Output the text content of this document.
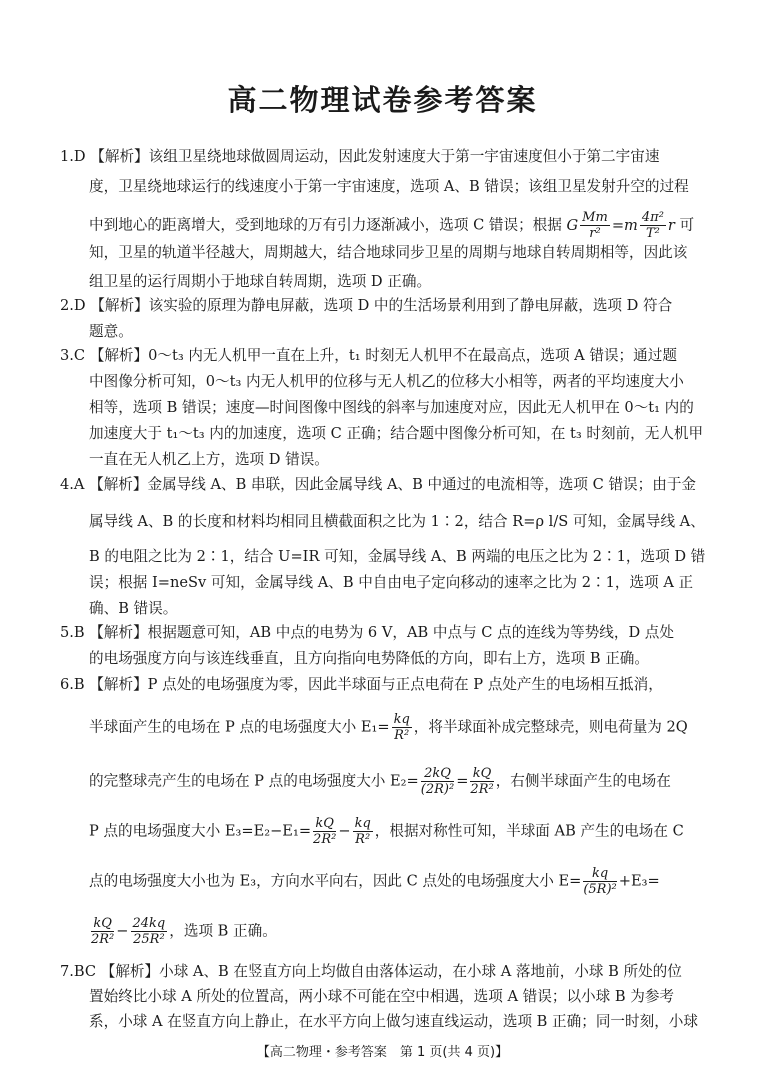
高二物理试卷参考答案
1.D 【解析】该组卫星绕地球做圆周运动，因此发射速度大于第一宇宙速度但小于第二宇宙速
度，卫星绕地球运行的线速度小于第一宇宙速度，选项 A、B 错误；该组卫星发射升空的过程
中到地心的距离增大，受到地球的万有引力逐渐减小，选项 C 错误；根据 G $\frac{Mm}{\text{r²}} =m \frac{\text{4π²}}{\text{T²}}$ r 可
知，卫星的轨道半径越大，周期越大，结合地球同步卫星的周期与地球自转周期相等，因此该
组卫星的运行周期小于地球自转周期，选项 D 正确。
2.D 【解析】该实验的原理为静电屏蔽，选项 D 中的生活场景利用到了静电屏蔽，选项 D 符合
题意。
3.C 【解析】0～t₃ 内无人机甲一直在上升，t₁ 时刻无人机甲不在最高点，选项 A 错误；通过题
中图像分析可知，0～t₃ 内无人机甲的位移与无人机乙的位移大小相等，两者的平均速度大小
相等，选项 B 错误；速度—时间图像中图线的斜率与加速度对应，因此无人机甲在 0～t₁ 内的
加速度大于 t₁～t₃ 内的加速度，选项 C 正确；结合题中图像分析可知，在 t₃ 时刻前，无人机甲
一直在无人机乙上方，选项 D 错误。
4.A 【解析】金属导线 A、B 串联，因此金属导线 A、B 中通过的电流相等，选项 C 错误；由于金
属导线 A、B 的长度和材料均相同且横截面积之比为 1∶2，结合 R=ρ l/S 可知，金属导线 A、
B 的电阻之比为 2∶1，结合 U=IR 可知，金属导线 A、B 两端的电压之比为 2∶1，选项 D 错
误；根据 I=neSv 可知，金属导线 A、B 中自由电子定向移动的速率之比为 2∶1，选项 A 正
确、B 错误。
5.B 【解析】根据题意可知，AB 中点的电势为 6 V，AB 中点与 C 点的连线为等势线，D 点处
的电场强度方向与该连线垂直，且方向指向电势降低的方向，即右上方，选项 B 正确。
6.B 【解析】P 点处的电场强度为零，因此半球面与正点电荷在 P 点处产生的电场相互抵消，
半球面产生的电场在 P 点的电场强度大小 $E_1= \frac{kq}{\text{R²}}$ ，将半球面补成完整球壳，则电荷量为 2Q
的完整球壳产生的电场在 P 点的电场强度大小 $E_2= \frac{2kQ}{\text{(2R)²}} = \frac{kQ}{\text{2R²}}$ ，右侧半球面产生的电场在
P 点的电场强度大小 $E_3=E_2-E_1= \frac{kQ}{\text{2R²}} - \frac{kq}{\text{R²}}$ ，根据对称性可知，半球面 AB 产生的电场在 C
点的电场强度大小也为 E₃，方向水平向右，因此 C 点处的电场强度大小 $E= \frac{kq}{\text{(5R)²}} +E_3=$
$\frac{kQ}{\text{2R²}} - \frac{24kq}{\text{25R²}}$ ，选项 B 正确。
7.BC 【解析】小球 A、B 在竖直方向上均做自由落体运动，在小球 A 落地前，小球 B 所处的位
置始终比小球 A 所处的位置高，两小球不可能在空中相遇，选项 A 错误；以小球 B 为参考
系，小球 A 在竖直方向上静止，在水平方向上做匀速直线运动，选项 B 正确；同一时刻，小球
【高二物理・参考答案　第 1 页(共 4 页)】
